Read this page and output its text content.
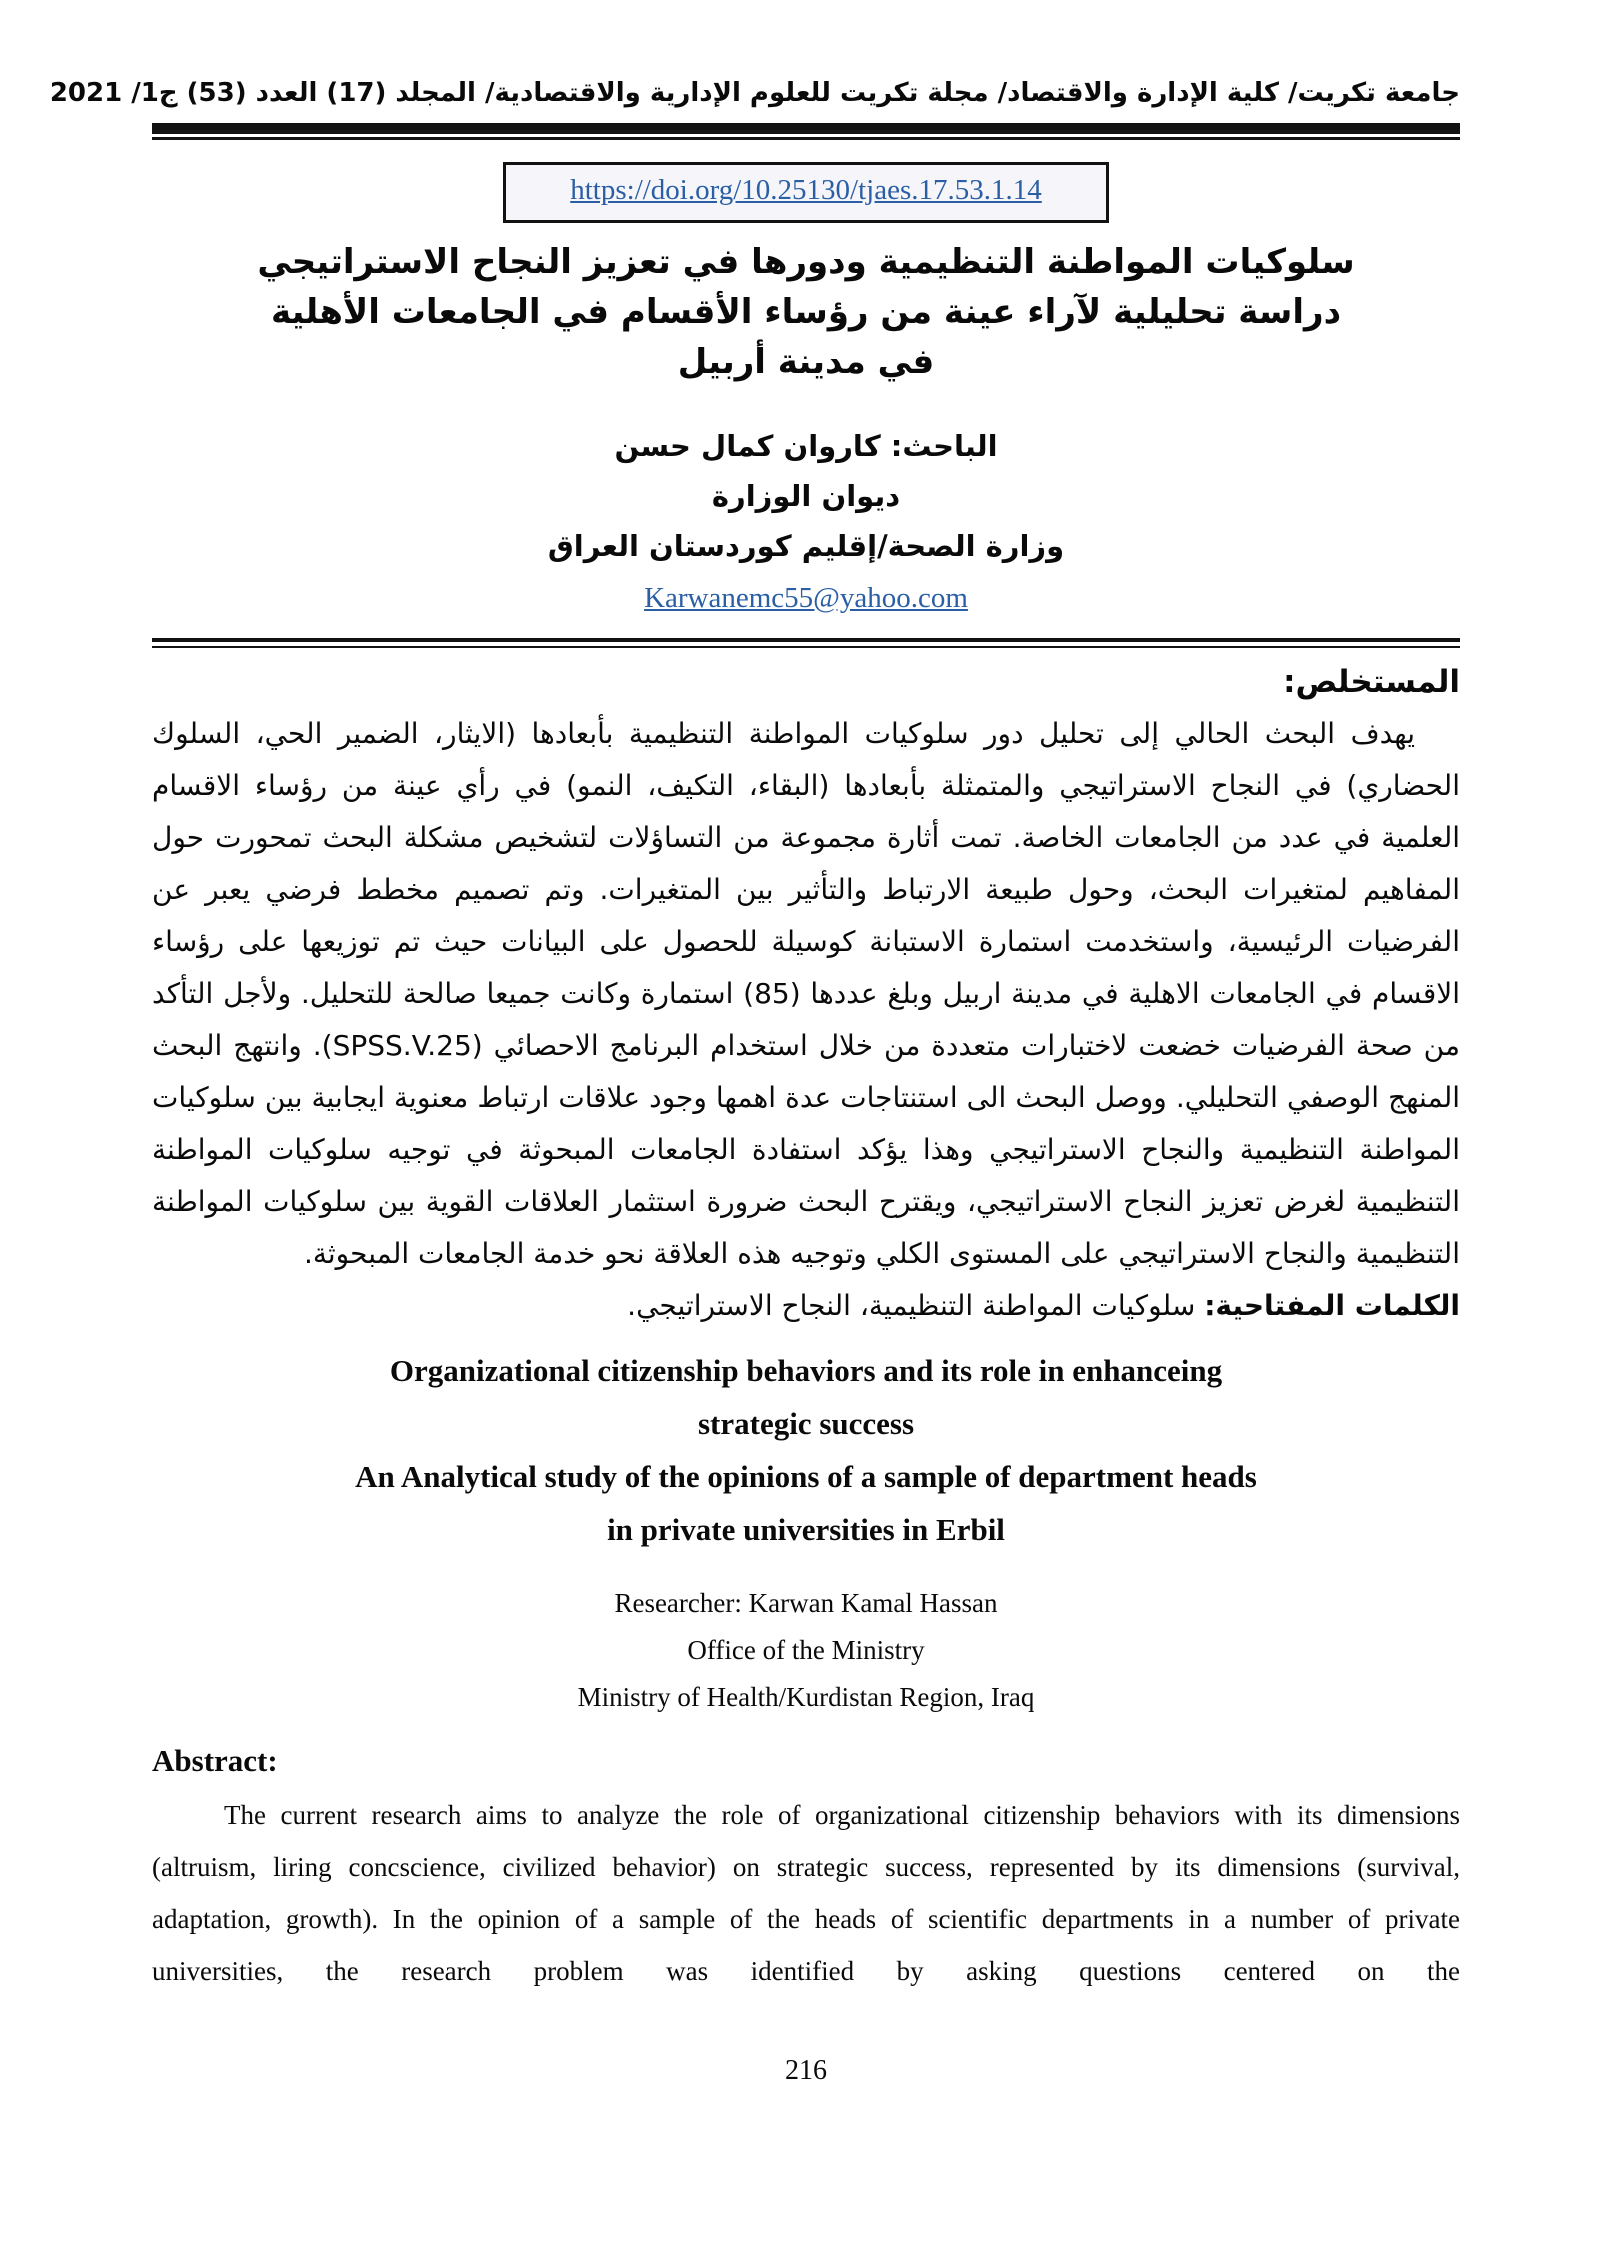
جامعة تكريت/ كلية الإدارة والاقتصاد/ مجلة تكريت للعلوم الإدارية والاقتصادية/ المجلد (17) العدد (53) ج1/ 2021
https://doi.org/10.25130/tjaes.17.53.1.14
سلوكيات المواطنة التنظيمية ودورها في تعزيز النجاح الاستراتيجي
دراسة تحليلية لآراء عينة من رؤساء الأقسام في الجامعات الأهلية
في مدينة أربيل
الباحث: كاروان كمال حسن
ديوان الوزارة
وزارة الصحة/إقليم كوردستان العراق
Karwanemc55@yahoo.com
المستخلص:

يهدف البحث الحالي إلى تحليل دور سلوكيات المواطنة التنظيمية بأبعادها (الايثار، الضمير الحي، السلوك الحضاري) في النجاح الاستراتيجي والمتمثلة بأبعادها (البقاء، التكيف، النمو) في رأي عينة من رؤساء الاقسام العلمية في عدد من الجامعات الخاصة. تمت أثارة مجموعة من التساؤلات لتشخيص مشكلة البحث تمحورت حول المفاهيم لمتغيرات البحث، وحول طبيعة الارتباط والتأثير بين المتغيرات. وتم تصميم مخطط فرضي يعبر عن الفرضيات الرئيسية، واستخدمت استمارة الاستبانة كوسيلة للحصول على البيانات حيث تم توزيعها على رؤساء الاقسام في الجامعات الاهلية في مدينة اربيل وبلغ عددها (85) استمارة وكانت جميعا صالحة للتحليل. ولأجل التأكد من صحة الفرضيات خضعت لاختبارات متعددة من خلال استخدام البرنامج الاحصائي (SPSS.V.25). وانتهج البحث المنهج الوصفي التحليلي. ووصل البحث الى استنتاجات عدة اهمها وجود علاقات ارتباط معنوية ايجابية بين سلوكيات المواطنة التنظيمية والنجاح الاستراتيجي وهذا يؤكد استفادة الجامعات المبحوثة في توجيه سلوكيات المواطنة التنظيمية لغرض تعزيز النجاح الاستراتيجي، ويقترح البحث ضرورة استثمار العلاقات القوية بين سلوكيات المواطنة التنظيمية والنجاح الاستراتيجي على المستوى الكلي وتوجيه هذه العلاقة نحو خدمة الجامعات المبحوثة.

الكلمات المفتاحية: سلوكيات المواطنة التنظيمية، النجاح الاستراتيجي.

Organizational citizenship behaviors and its role in enhanceing
strategic success
An Analytical study of the opinions of a sample of department heads
in private universities in Erbil
Researcher: Karwan Kamal Hassan
Office of the Ministry
Ministry of Health/Kurdistan Region, Iraq
Abstract:

The current research aims to analyze the role of organizational citizenship behaviors with its dimensions (altruism, liring concscience, civilized behavior) on strategic success, represented by its dimensions (survival, adaptation, growth). In the opinion of a sample of the heads of scientific departments in a number of private universities, the research problem was identified by asking questions centered on the

216
